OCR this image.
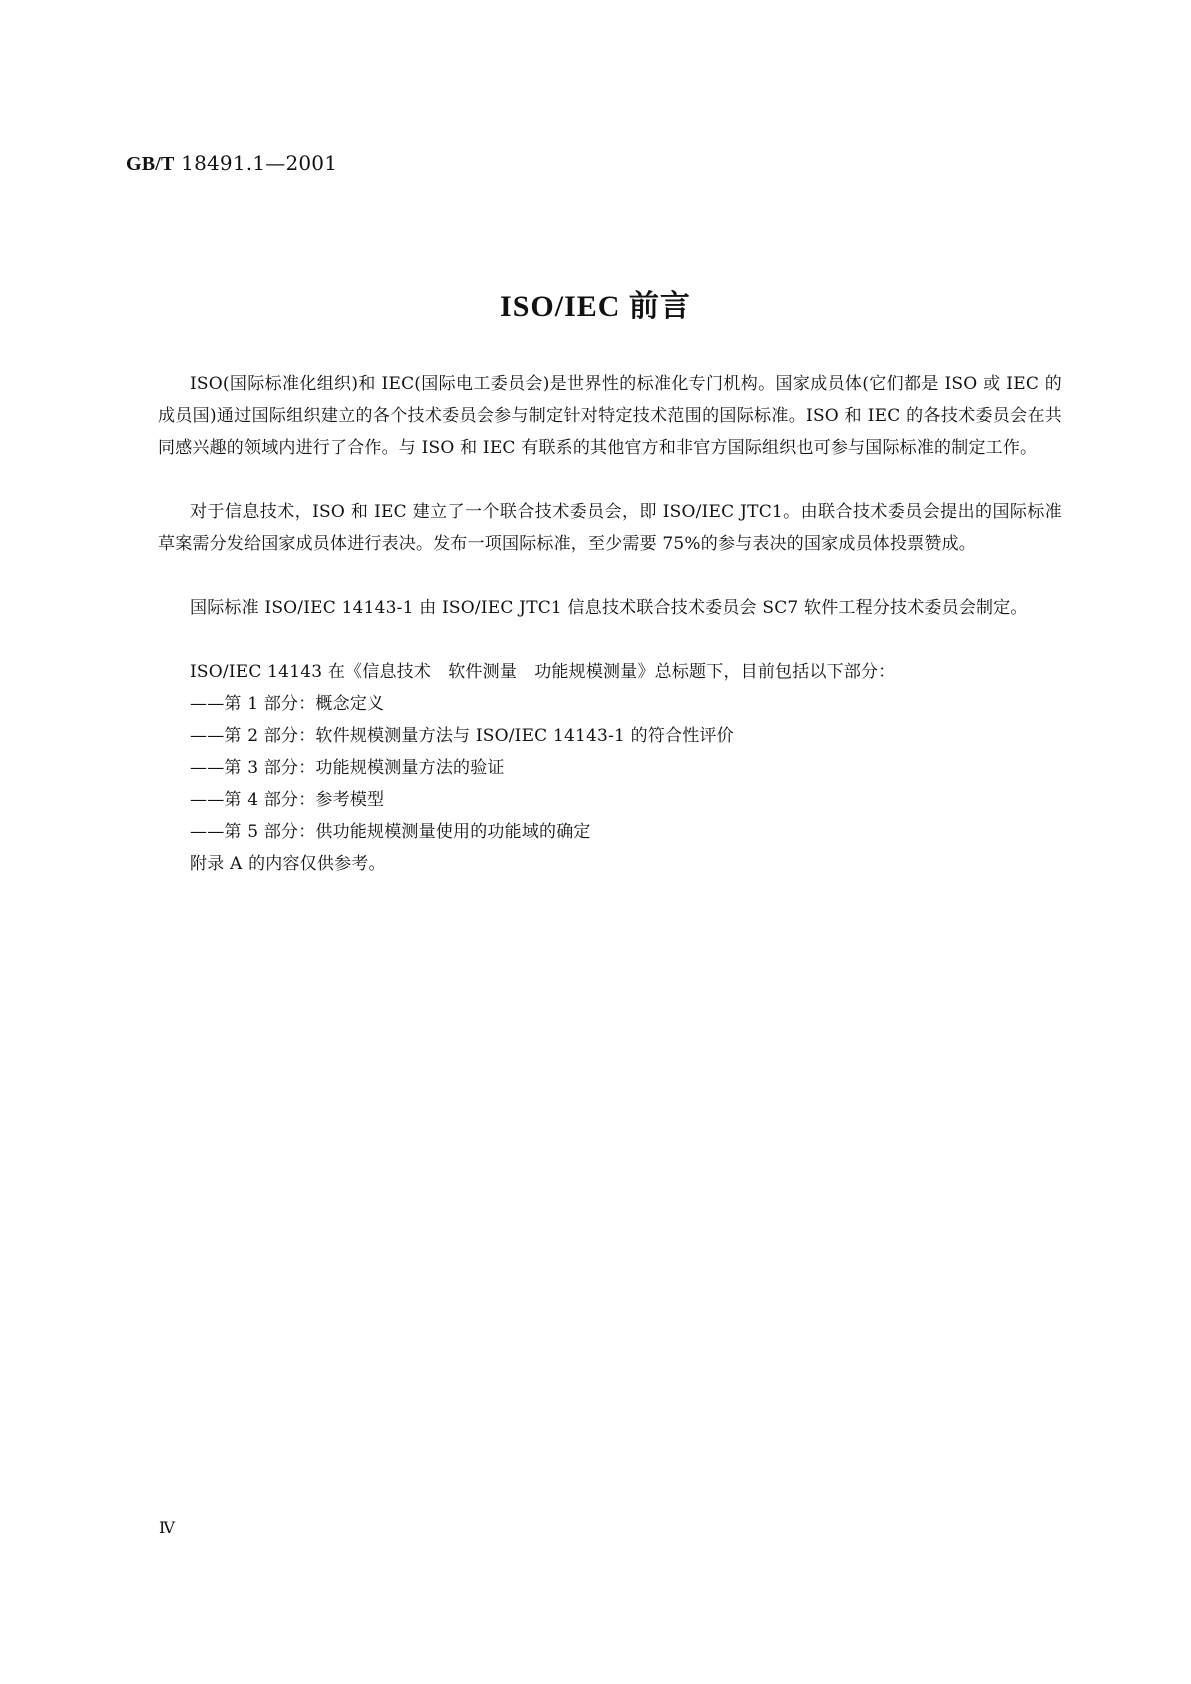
GB/T 18491.1—2001
ISO/IEC 前言
ISO(国际标准化组织)和 IEC(国际电工委员会)是世界性的标准化专门机构。国家成员体(它们都是 ISO 或 IEC 的成员国)通过国际组织建立的各个技术委员会参与制定针对特定技术范围的国际标准。ISO 和 IEC 的各技术委员会在共同感兴趣的领域内进行了合作。与 ISO 和 IEC 有联系的其他官方和非官方国际组织也可参与国际标准的制定工作。
对于信息技术，ISO 和 IEC 建立了一个联合技术委员会，即 ISO/IEC JTC1。由联合技术委员会提出的国际标准草案需分发给国家成员体进行表决。发布一项国际标准，至少需要 75%的参与表决的国家成员体投票赞成。
国际标准 ISO/IEC 14143-1 由 ISO/IEC JTC1 信息技术联合技术委员会 SC7 软件工程分技术委员会制定。
ISO/IEC 14143 在《信息技术　软件测量　功能规模测量》总标题下，目前包括以下部分：
——第 1 部分：概念定义
——第 2 部分：软件规模测量方法与 ISO/IEC 14143-1 的符合性评价
——第 3 部分：功能规模测量方法的验证
——第 4 部分：参考模型
——第 5 部分：供功能规模测量使用的功能域的确定
附录 A 的内容仅供参考。
Ⅳ
